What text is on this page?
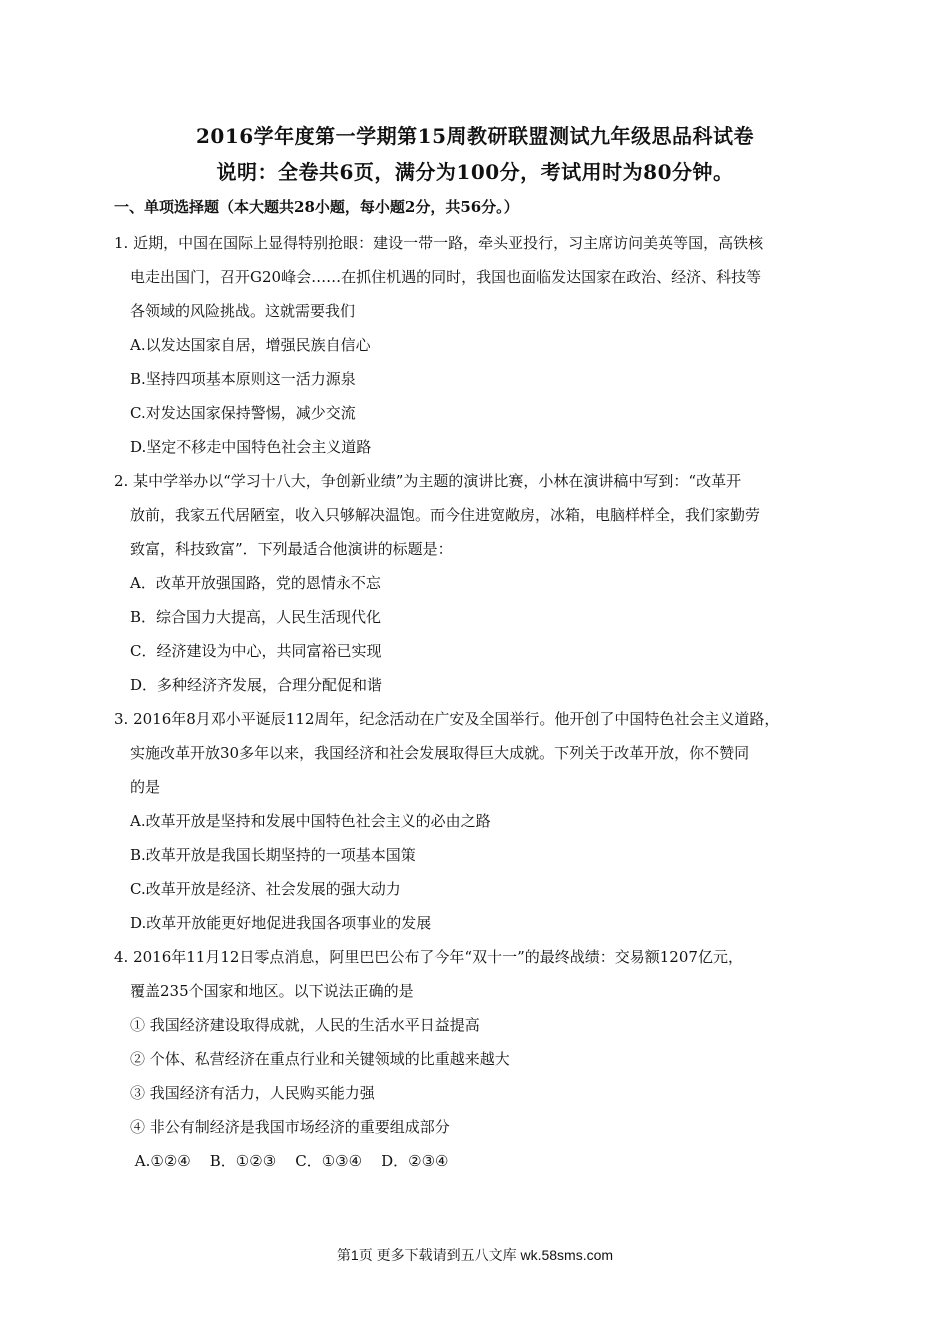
2016学年度第一学期第15周教研联盟测试九年级思品科试卷
说明：全卷共6页，满分为100分，考试用时为80分钟。
一、单项选择题（本大题共28小题，每小题2分，共56分。）
1. 近期，中国在国际上显得特别抢眼：建设一带一路，牵头亚投行，习主席访问美英等国，高铁核
电走出国门，召开G20峰会……在抓住机遇的同时，我国也面临发达国家在政治、经济、科技等
各领域的风险挑战。这就需要我们
A.以发达国家自居，增强民族自信心
B.坚持四项基本原则这一活力源泉
C.对发达国家保持警惕，减少交流
D.坚定不移走中国特色社会主义道路
2. 某中学举办以“学习十八大，争创新业绩”为主题的演讲比赛，小林在演讲稿中写到：“改革开
放前，我家五代居陋室，收入只够解决温饱。而今住进宽敞房，冰箱，电脑样样全，我们家勤劳
致富，科技致富”．下列最适合他演讲的标题是：
A．改革开放强国路，党的恩情永不忘
B．综合国力大提高，人民生活现代化
C．经济建设为中心，共同富裕已实现
D．多种经济齐发展，合理分配促和谐
3. 2016年8月邓小平诞辰112周年，纪念活动在广安及全国举行。他开创了中国特色社会主义道路，
实施改革开放30多年以来，我国经济和社会发展取得巨大成就。下列关于改革开放，你不赞同
的是
A.改革开放是坚持和发展中国特色社会主义的必由之路
B.改革开放是我国长期坚持的一项基本国策
C.改革开放是经济、社会发展的强大动力
D.改革开放能更好地促进我国各项事业的发展
4. 2016年11月12日零点消息，阿里巴巴公布了今年“双十一”的最终战绩：交易额1207亿元，
覆盖235个国家和地区。以下说法正确的是
① 我国经济建设取得成就，人民的生活水平日益提高
② 个体、私营经济在重点行业和关键领域的比重越来越大
③ 我国经济有活力，人民购买能力强
④ 非公有制经济是我国市场经济的重要组成部分
A.①②④    B．①②③    C．①③④    D．②③④
第1页 更多下载请到五八文库 wk.58sms.com
